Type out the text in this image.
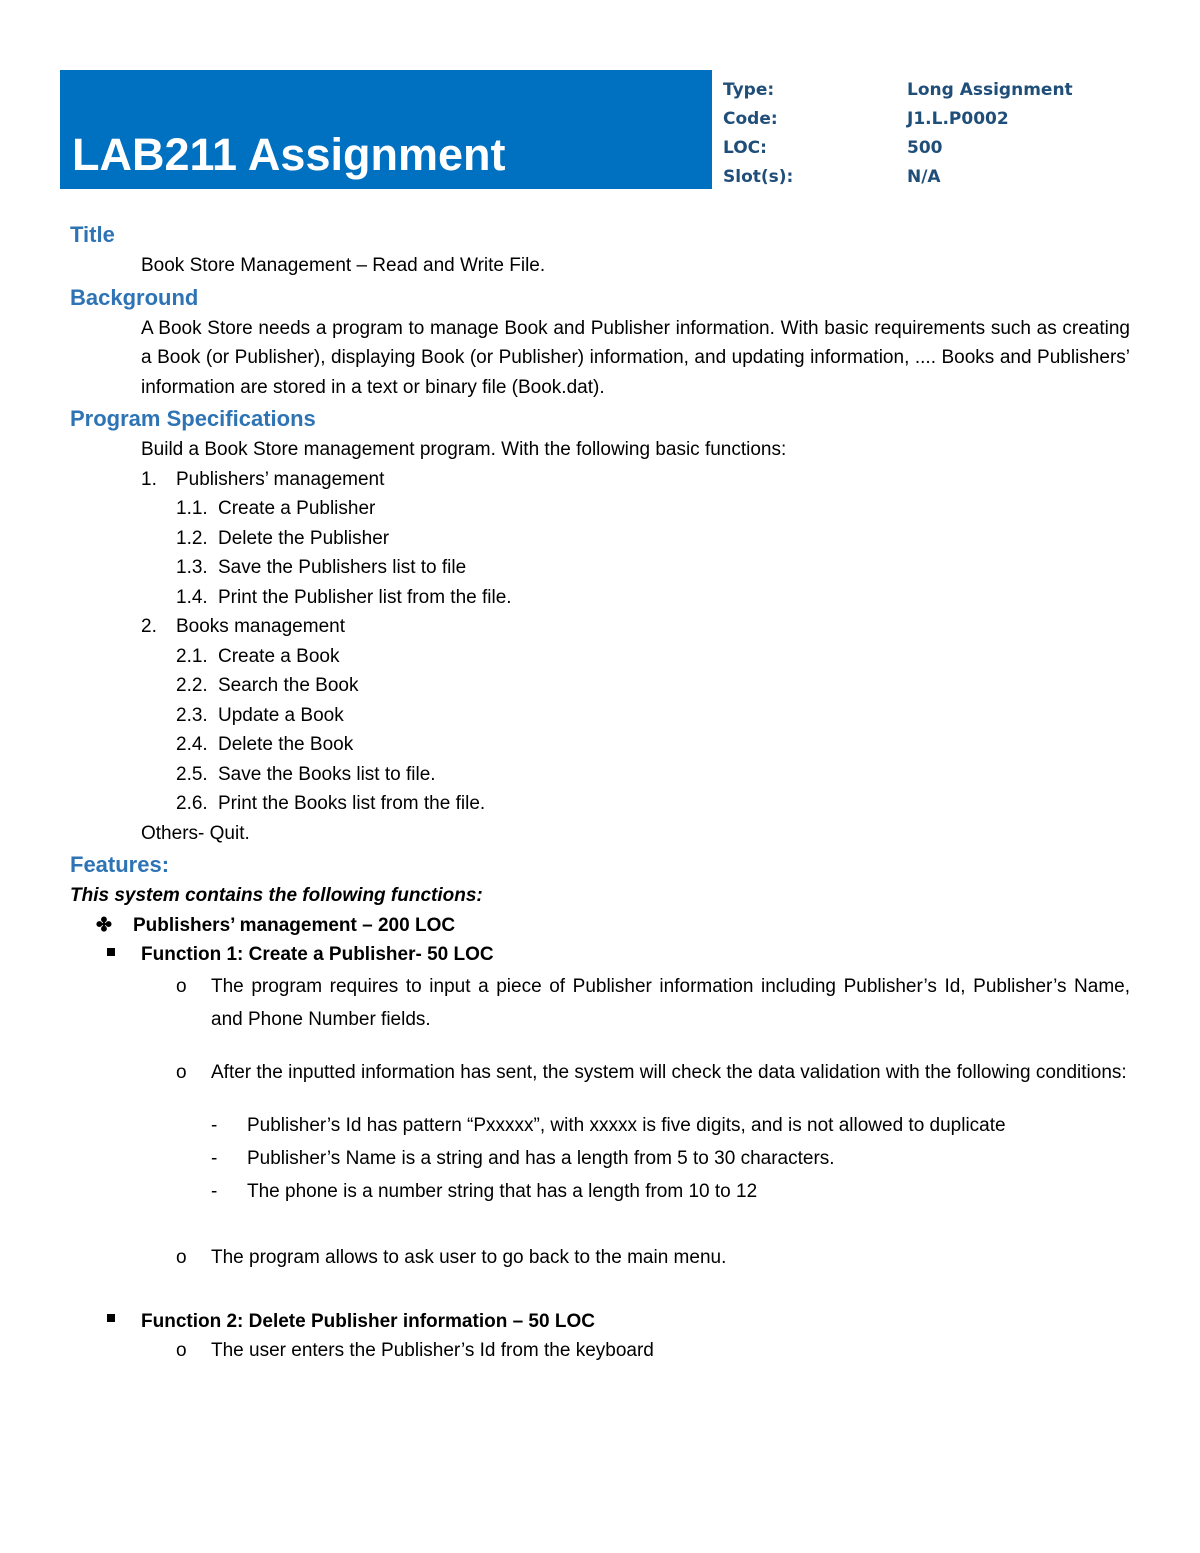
LAB211 Assignment
Type:	Long Assignment
Code:	J1.L.P0002
LOC:	500
Slot(s):	N/A
Title
Book Store Management – Read and Write File.
Background
A Book Store needs a program to manage Book and Publisher information. With basic requirements such as creating a Book (or Publisher), displaying Book (or Publisher) information, and updating information, .... Books and Publishers’ information are stored in a text or binary file (Book.dat).
Program Specifications
Build a Book Store management program. With the following basic functions:
1.	Publishers’ management
1.1. Create a Publisher
1.2. Delete the Publisher
1.3. Save the Publishers list to file
1.4. Print the Publisher list from the file.
2.	Books management
2.1. Create a Book
2.2. Search the Book
2.3. Update a Book
2.4. Delete the Book
2.5. Save the Books list to file.
2.6. Print the Books list from the file.
Others- Quit.
Features:
This system contains the following functions:
✤	Publishers’ management – 200 LOC
Function 1: Create a Publisher- 50 LOC
o	The program requires to input a piece of Publisher information including Publisher’s Id, Publisher’s Name, and Phone Number fields.
o	After the inputted information has sent, the system will check the data validation with the following conditions:
-	Publisher’s Id has pattern “Pxxxxx”, with xxxxx is five digits, and is not allowed to duplicate
-	Publisher’s Name is a string and has a length from 5 to 30 characters.
-	The phone is a number string that has a length from 10 to 12
o	The program allows to ask user to go back to the main menu.
Function 2: Delete Publisher information – 50 LOC
o	The user enters the Publisher’s Id from the keyboard
